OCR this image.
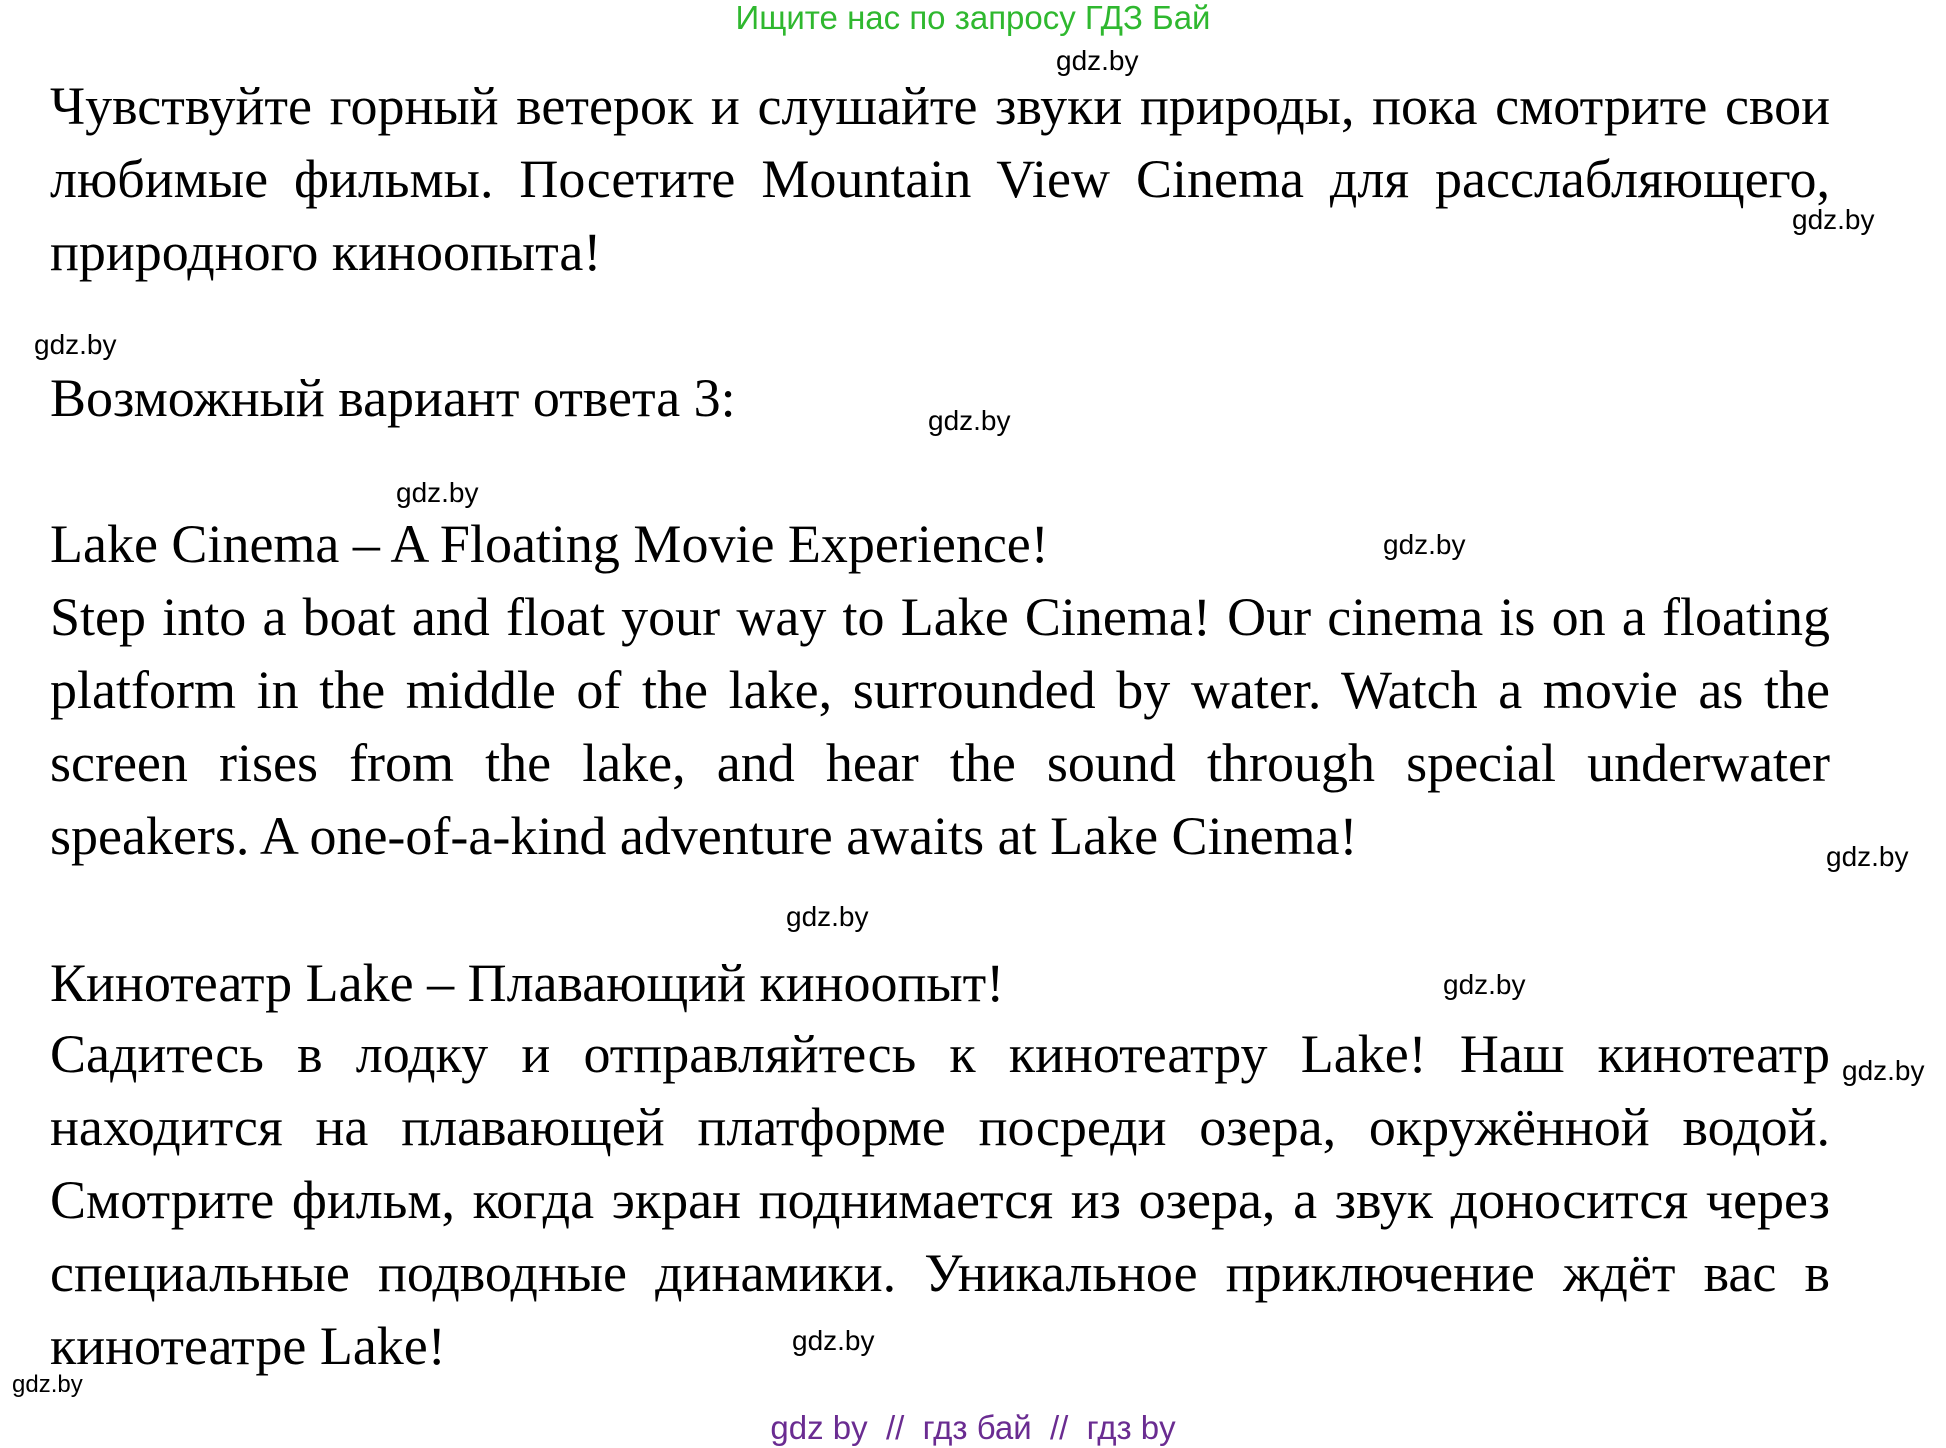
Ищите нас по запросу ГДЗ Бай
gdz.by
Чувствуйте горный ветерок и слушайте звуки природы, пока смотрите свои любимые фильмы. Посетите Mountain View Cinema для расслабляющего, природного киноопыта!
gdz.by
gdz.by
Возможный вариант ответа 3:	gdz.by
gdz.by
Lake Cinema – A Floating Movie Experience!	gdz.by
Step into a boat and float your way to Lake Cinema! Our cinema is on a floating platform in the middle of the lake, surrounded by water. Watch a movie as the screen rises from the lake, and hear the sound through special underwater speakers. A one-of-a-kind adventure awaits at Lake Cinema!	gdz.by
gdz.by
Кинотеатр Lake – Плавающий киноопыт!	gdz.by
Садитесь в лодку и отправляйтесь к кинотеатру Lake! Наш кинотеатр находится на плавающей платформе посреди озера, окружённой водой. Смотрите фильм, когда экран поднимается из озера, а звук доносится через специальные подводные динамики. Уникальное приключение ждёт вас в кинотеатре Lake!
gdz.by
gdz.by
gdz.by
gdz by  //  гдз бай  //  гдз by
